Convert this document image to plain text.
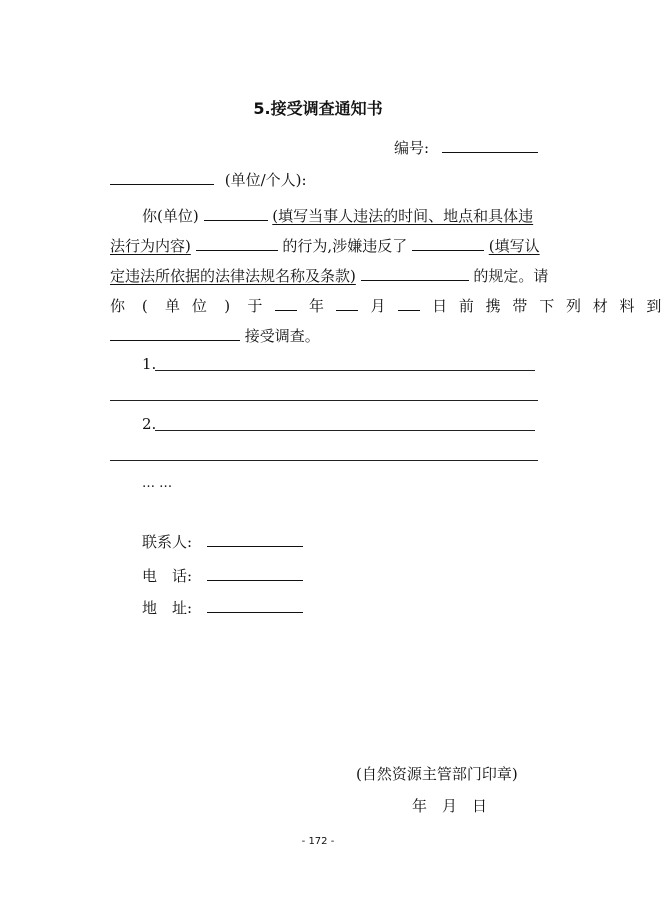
5.接受调查通知书
编号:
(单位/个人):
你(单位)	(填写当事人违法的时间、地点和具体违
法行为内容)	的行为,涉嫌违反了	(填写认
定违法所依据的法律法规名称及条款)	的规定。请
你 ( 单 位 ) 于	年	月	日 前 携 带 下 列 材 料 到
接受调查。
1.
2.
… …
联系人:
电　话:
地　址:
(自然资源主管部门印章)
年　月　日
- 172 -
